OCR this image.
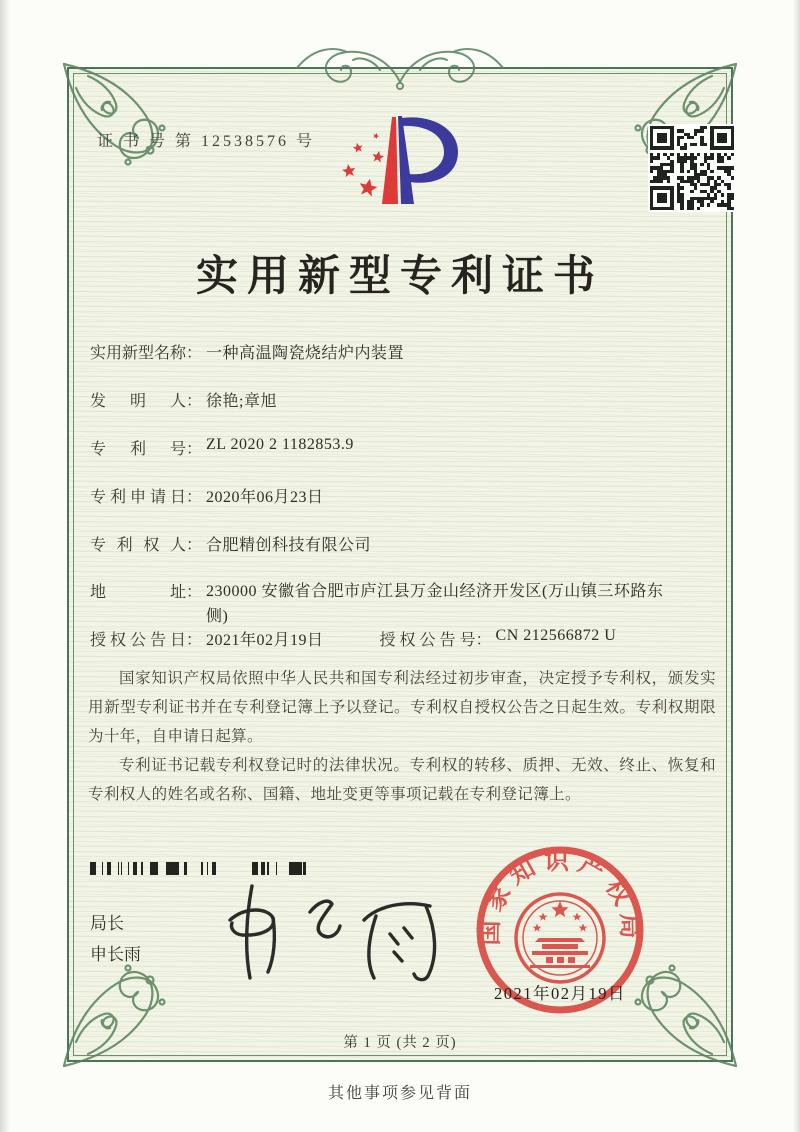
证 书 号 第 12538576 号
实用新型专利证书
实用新型名称： 一种高温陶瓷烧结炉内装置
发明人： 徐艳;章旭
专利号： ZL 2020 2 1182853.9
专利申请日： 2020年06月23日
专利权人： 合肥精创科技有限公司
地址： 230000 安徽省合肥市庐江县万金山经济开发区(万山镇三环路东侧)
授权公告日： 2021年02月19日	授权公告号： CN 212566872 U

国家知识产权局依照中华人民共和国专利法经过初步审查，决定授予专利权，颁发实用新型专利证书并在专利登记簿上予以登记。专利权自授权公告之日起生效。专利权期限为十年，自申请日起算。

专利证书记载专利权登记时的法律状况。专利权的转移、质押、无效、终止、恢复和专利权人的姓名或名称、国籍、地址变更等事项记载在专利登记簿上。

局长
申长雨
国家知识产权局
2021年02月19日
第 1 页 (共 2 页)
其他事项参见背面
